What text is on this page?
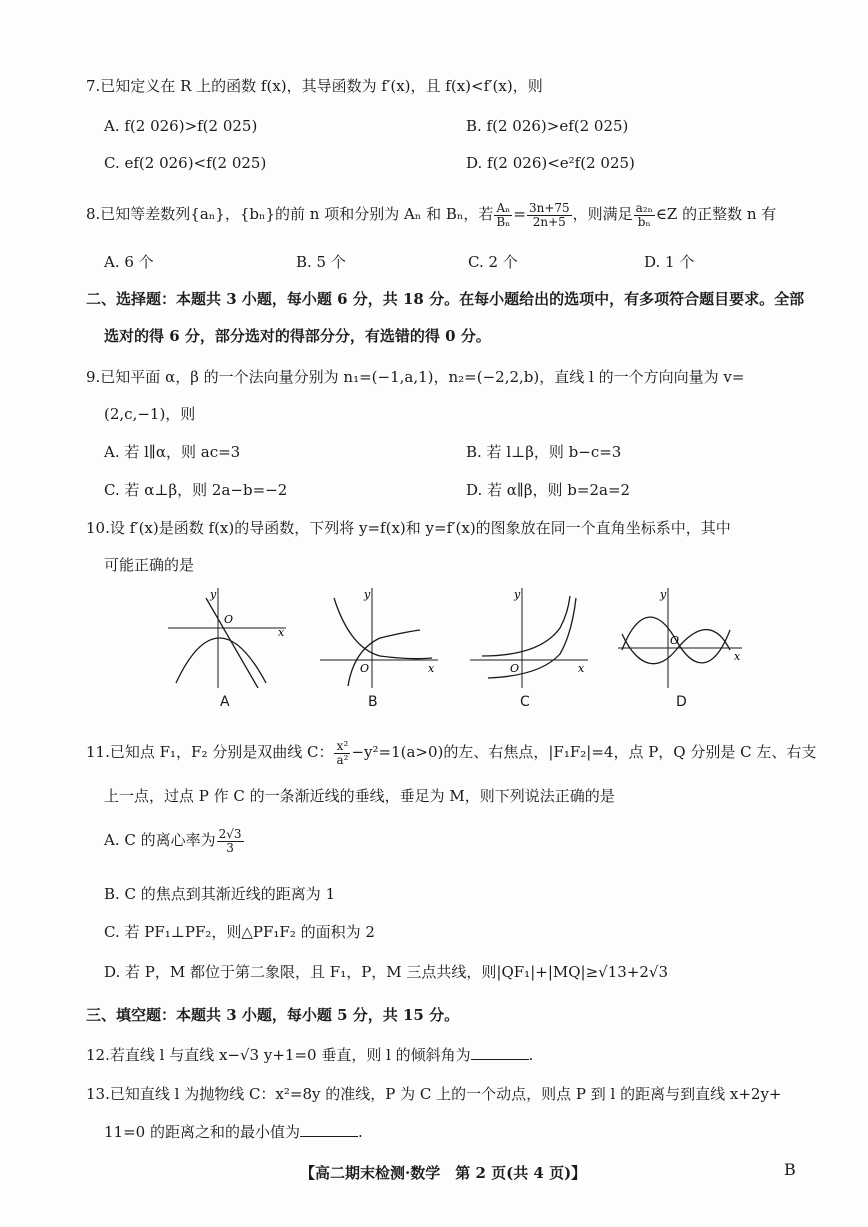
7.已知定义在 R 上的函数 f(x)，其导函数为 f′(x)，且 f(x)<f′(x)，则
A. f(2 026)>f(2 025)	B. f(2 026)>ef(2 025)
C. ef(2 026)<f(2 025)	D. f(2 026)<e²f(2 025)
8.已知等差数列{aₙ}，{bₙ}的前 n 项和分别为 Aₙ 和 Bₙ，若 $\frac{\text{Aₙ}}{\text{Bₙ}} = \frac{3n+75}{2n+5}$ ，则满足 $\frac{\text{a₂ₙ}}{\text{bₙ}}$ ∈Z 的正整数 n 有
A. 6 个	B. 5 个	C. 2 个	D. 1 个
二、选择题：本题共 3 小题，每小题 6 分，共 18 分。在每小题给出的选项中，有多项符合题目要求。全部
选对的得 6 分，部分选对的得部分分，有选错的得 0 分。
9.已知平面 α，β 的一个法向量分别为 n₁=(−1,a,1)，n₂=(−2,2,b)，直线 l 的一个方向向量为 v=
(2,c,−1)，则
A. 若 l∥α，则 ac=3	B. 若 l⊥β，则 b−c=3
C. 若 α⊥β，则 2a−b=−2	D. 若 α∥β，则 b=2a=2
10.设 f′(x)是函数 f(x)的导函数，下列将 y=f(x)和 y=f′(x)的图象放在同一个直角坐标系中，其中
可能正确的是
x
y
O
A
x
y
O
B
x
y
O
C
x
y
O
D
11.已知点 F₁，F₂ 分别是双曲线 C： $\frac{\text{x²}}{\text{a²}} -y^2=1(a>0)$的左、右焦点，|F₁F₂|=4，点 P，Q 分别是 C 左、右支
上一点，过点 P 作 C 的一条渐近线的垂线，垂足为 M，则下列说法正确的是
A. C 的离心率为 $\frac{2√3}{3}$
B. C 的焦点到其渐近线的距离为 1
C. 若 PF₁⊥PF₂，则△PF₁F₂ 的面积为 2
D. 若 P，M 都位于第二象限，且 F₁，P，M 三点共线，则|QF₁|+|MQ|≥√13+2√3
三、填空题：本题共 3 小题，每小题 5 分，共 15 分。
12.若直线 l 与直线 x−√3 y+1=0 垂直，则 l 的倾斜角为	.
13.已知直线 l 为抛物线 C：x²=8y 的准线，P 为 C 上的一个动点，则点 P 到 l 的距离与到直线 x+2y+
11=0 的距离之和的最小值为	.
【高二期末检测·数学　第 2 页(共 4 页)】	B
